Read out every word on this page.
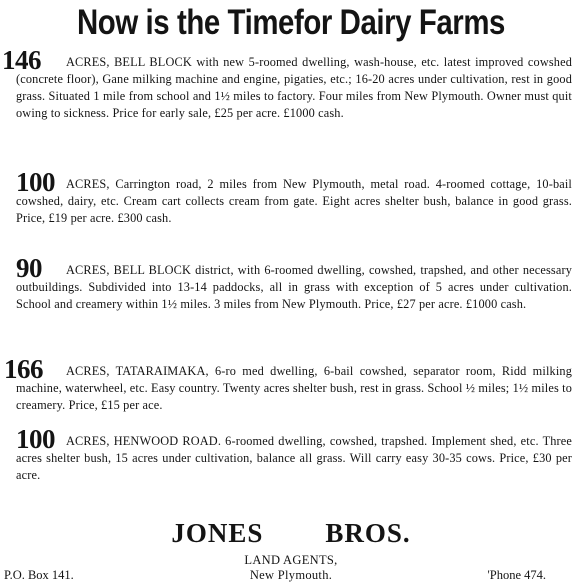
Now is the Timefor Dairy Farms
146	ACRES, BELL BLOCK with new 5-roomed dwelling, wash-house, etc. latest improved cowshed (concrete floor), Gane milking machine and engine, pigaties, etc.; 16-20 acres under cultivation, rest in good grass. Situated 1 mile from school and 1½ miles to factory. Four miles from New Plymouth. Owner must quit owing to sickness. Price for early sale, £25 per acre. £1000 cash.
100 ACRES, Carrington road, 2 miles from New Plymouth, metal road. 4-roomed cottage, 10-bail cowshed, dairy, etc. Cream cart collects cream from gate. Eight acres shelter bush, balance in good grass. Price, £19 per acre. £300 cash.
90	ACRES, BELL BLOCK district, with 6-roomed dwelling, cowshed, trapshed, and other necessary outbuildings. Subdivided into 13-14 paddocks, all in grass with exception of 5 acres under cultivation. School and creamery within 1½ miles. 3 miles from New Plymouth. Price, £27 per acre. £1000 cash.
166	ACRES, TATARAIMAKA, 6-ro med dwelling, 6-bail cowshed, separator room, Ridd milking machine, waterwheel, etc. Easy country. Twenty acres shelter bush, rest in grass. School ½ miles; 1½ miles to creamery. Price, £15 per ace.
100 ACRES, HENWOOD ROAD. 6-roomed dwelling, cowshed, trapshed. Implement shed, etc. Three acres shelter bush, 15 acres under cultivation, balance all grass. Will carry easy 30-35 cows. Price, £30 per acre.
JONES BROS.
LAND AGENTS,
New Plymouth.
P.O. Box 141.	'Phone 474.
